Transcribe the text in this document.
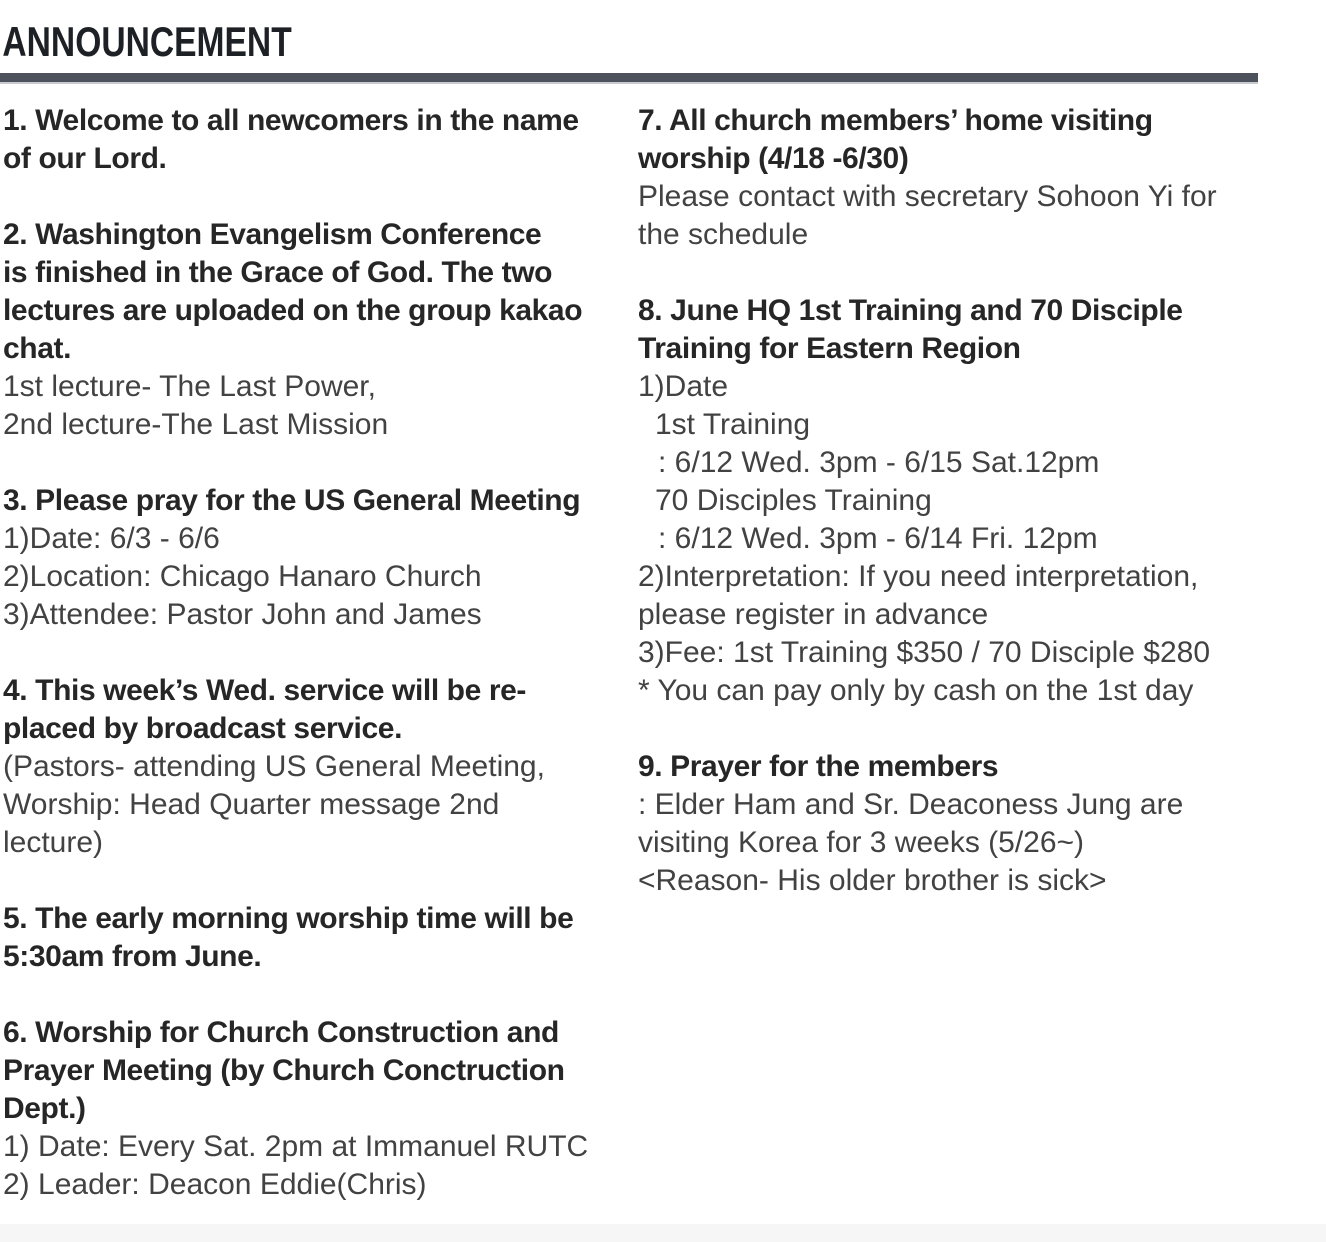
ANNOUNCEMENT

1. Welcome to all newcomers in the name
of our Lord.

2. Washington Evangelism Conference
is finished in the Grace of God. The two
lectures are uploaded on the group kakao
chat.
1st lecture- The Last Power,
2nd lecture-The Last Mission

3. Please pray for the US General Meeting
1)Date: 6/3 - 6/6
2)Location: Chicago Hanaro Church
3)Attendee: Pastor John and James

4. This week’s Wed. service will be re-
placed by broadcast service.
(Pastors- attending US General Meeting,
Worship: Head Quarter message 2nd
lecture)

5. The early morning worship time will be
5:30am from June.

6. Worship for Church Construction and
Prayer Meeting (by Church Conctruction
Dept.)
1) Date: Every Sat. 2pm at Immanuel RUTC
2) Leader: Deacon Eddie(Chris)

7. All church members’ home visiting
worship (4/18 -6/30)
Please contact with secretary Sohoon Yi for
the schedule

8. June HQ 1st Training and 70 Disciple
Training for Eastern Region
1)Date
1st Training
: 6/12 Wed. 3pm - 6/15 Sat.12pm
70 Disciples Training
: 6/12 Wed. 3pm - 6/14 Fri. 12pm
2)Interpretation: If you need interpretation,
please register in advance
3)Fee: 1st Training $350 / 70 Disciple $280
* You can pay only by cash on the 1st day

9. Prayer for the members
: Elder Ham and Sr. Deaconess Jung are
visiting Korea for 3 weeks (5/26~)
<Reason- His older brother is sick>
